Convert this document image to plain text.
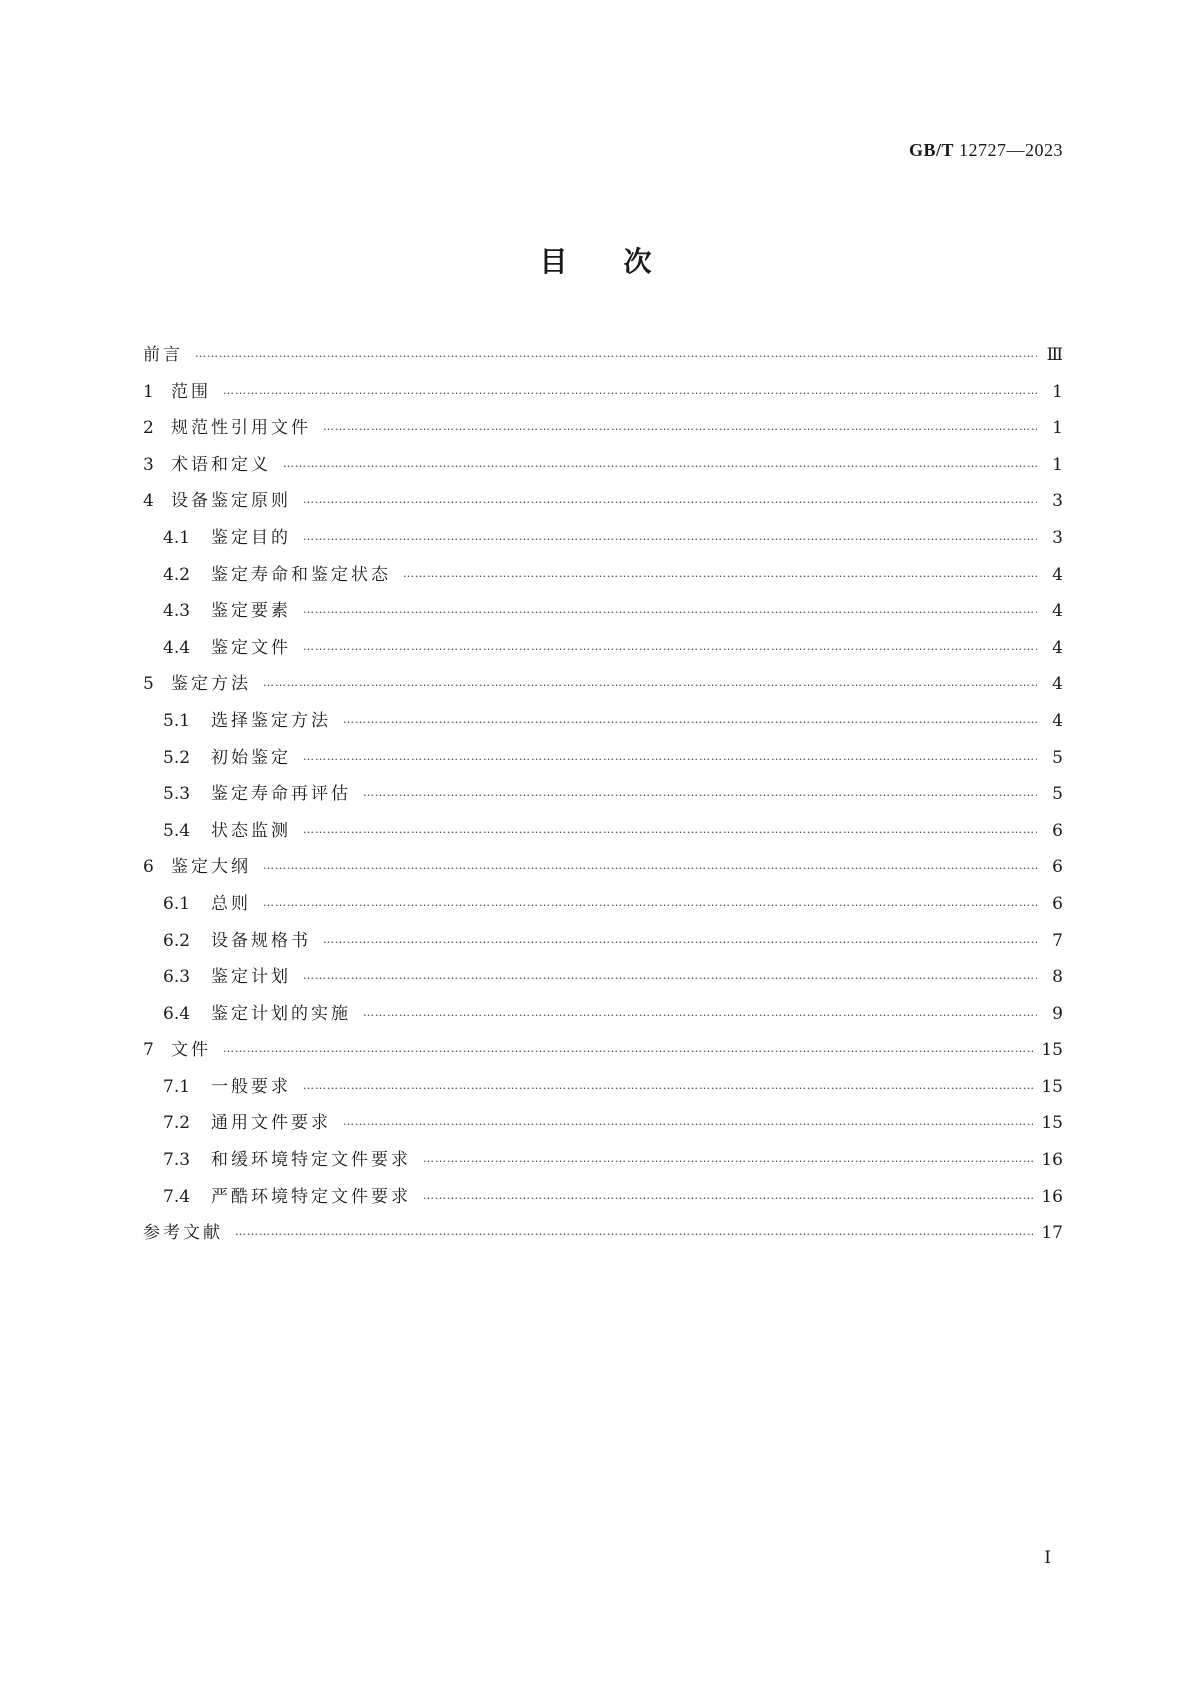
GB/T 12727—2023
目次
前言 …………………………………………………………………………………………………………………………………………………………………………………………………………………………………………………………………	Ⅲ
1	范围 …………………………………………………………………………………………………………………………………………………………………………………………………………………………………………………………………	1
2	规范性引用文件 …………………………………………………………………………………………………………………………………………………………………………………………………………………………………………………………………	1
3	术语和定义 …………………………………………………………………………………………………………………………………………………………………………………………………………………………………………………………………	1
4	设备鉴定原则 …………………………………………………………………………………………………………………………………………………………………………………………………………………………………………………………………	3
4.1	鉴定目的 …………………………………………………………………………………………………………………………………………………………………………………………………………………………………………………………………	3
4.2	鉴定寿命和鉴定状态 …………………………………………………………………………………………………………………………………………………………………………………………………………………………………………………………………	4
4.3	鉴定要素 …………………………………………………………………………………………………………………………………………………………………………………………………………………………………………………………………	4
4.4	鉴定文件 …………………………………………………………………………………………………………………………………………………………………………………………………………………………………………………………………	4
5	鉴定方法 …………………………………………………………………………………………………………………………………………………………………………………………………………………………………………………………………	4
5.1	选择鉴定方法 …………………………………………………………………………………………………………………………………………………………………………………………………………………………………………………………………	4
5.2	初始鉴定 …………………………………………………………………………………………………………………………………………………………………………………………………………………………………………………………………	5
5.3	鉴定寿命再评估 …………………………………………………………………………………………………………………………………………………………………………………………………………………………………………………………………	5
5.4	状态监测 …………………………………………………………………………………………………………………………………………………………………………………………………………………………………………………………………	6
6	鉴定大纲 …………………………………………………………………………………………………………………………………………………………………………………………………………………………………………………………………	6
6.1	总则 …………………………………………………………………………………………………………………………………………………………………………………………………………………………………………………………………	6
6.2	设备规格书 …………………………………………………………………………………………………………………………………………………………………………………………………………………………………………………………………	7
6.3	鉴定计划 …………………………………………………………………………………………………………………………………………………………………………………………………………………………………………………………………	8
6.4	鉴定计划的实施 …………………………………………………………………………………………………………………………………………………………………………………………………………………………………………………………………	9
7	文件 …………………………………………………………………………………………………………………………………………………………………………………………………………………………………………………………………	15
7.1	一般要求 …………………………………………………………………………………………………………………………………………………………………………………………………………………………………………………………………	15
7.2	通用文件要求 …………………………………………………………………………………………………………………………………………………………………………………………………………………………………………………………………	15
7.3	和缓环境特定文件要求 …………………………………………………………………………………………………………………………………………………………………………………………………………………………………………………………………	16
7.4	严酷环境特定文件要求 …………………………………………………………………………………………………………………………………………………………………………………………………………………………………………………………………	16
参考文献 …………………………………………………………………………………………………………………………………………………………………………………………………………………………………………………………………	17
I
